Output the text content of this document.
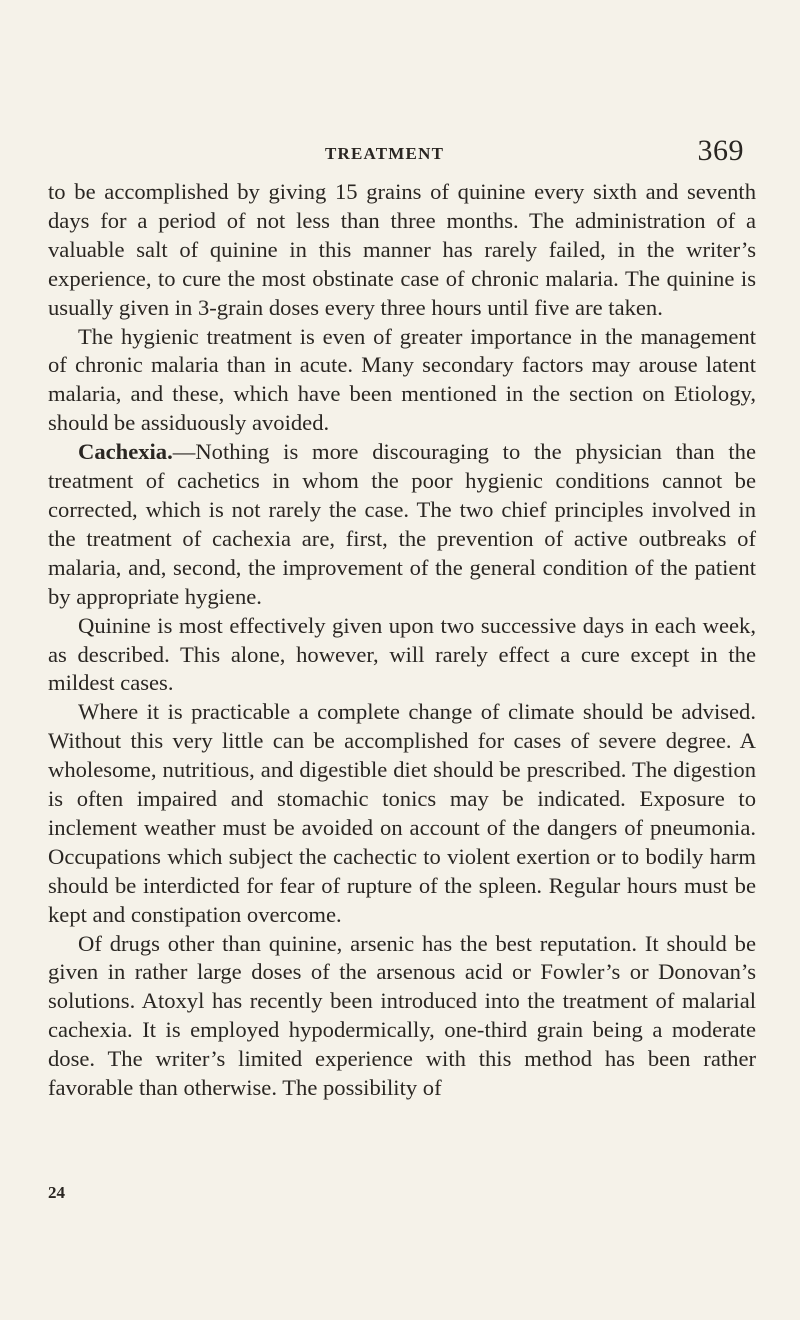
TREATMENT	369

to be accomplished by giving 15 grains of quinine every sixth and seventh days for a period of not less than three months. The administration of a valuable salt of quinine in this manner has rarely failed, in the writer’s experience, to cure the most obstinate case of chronic malaria. The quinine is usually given in 3-grain doses every three hours until five are taken.

The hygienic treatment is even of greater importance in the management of chronic malaria than in acute. Many secondary factors may arouse latent malaria, and these, which have been mentioned in the section on Etiology, should be assiduously avoided.

Cachexia.—Nothing is more discouraging to the physician than the treatment of cachetics in whom the poor hygienic conditions cannot be corrected, which is not rarely the case. The two chief principles involved in the treatment of cachexia are, first, the prevention of active outbreaks of malaria, and, second, the improvement of the general condition of the patient by appropriate hygiene.

Quinine is most effectively given upon two successive days in each week, as described. This alone, however, will rarely effect a cure except in the mildest cases.

Where it is practicable a complete change of climate should be advised. Without this very little can be accomplished for cases of severe degree. A wholesome, nutritious, and digestible diet should be prescribed. The digestion is often impaired and stomachic tonics may be indicated. Exposure to inclement weather must be avoided on account of the dangers of pneumonia. Occupations which subject the cachectic to violent exertion or to bodily harm should be interdicted for fear of rupture of the spleen. Regular hours must be kept and constipation overcome.

Of drugs other than quinine, arsenic has the best reputation. It should be given in rather large doses of the arsenous acid or Fowler’s or Donovan’s solutions. Atoxyl has recently been introduced into the treatment of malarial cachexia. It is employed hypodermically, one-third grain being a moderate dose. The writer’s limited experience with this method has been rather favorable than otherwise. The possibility of

24
